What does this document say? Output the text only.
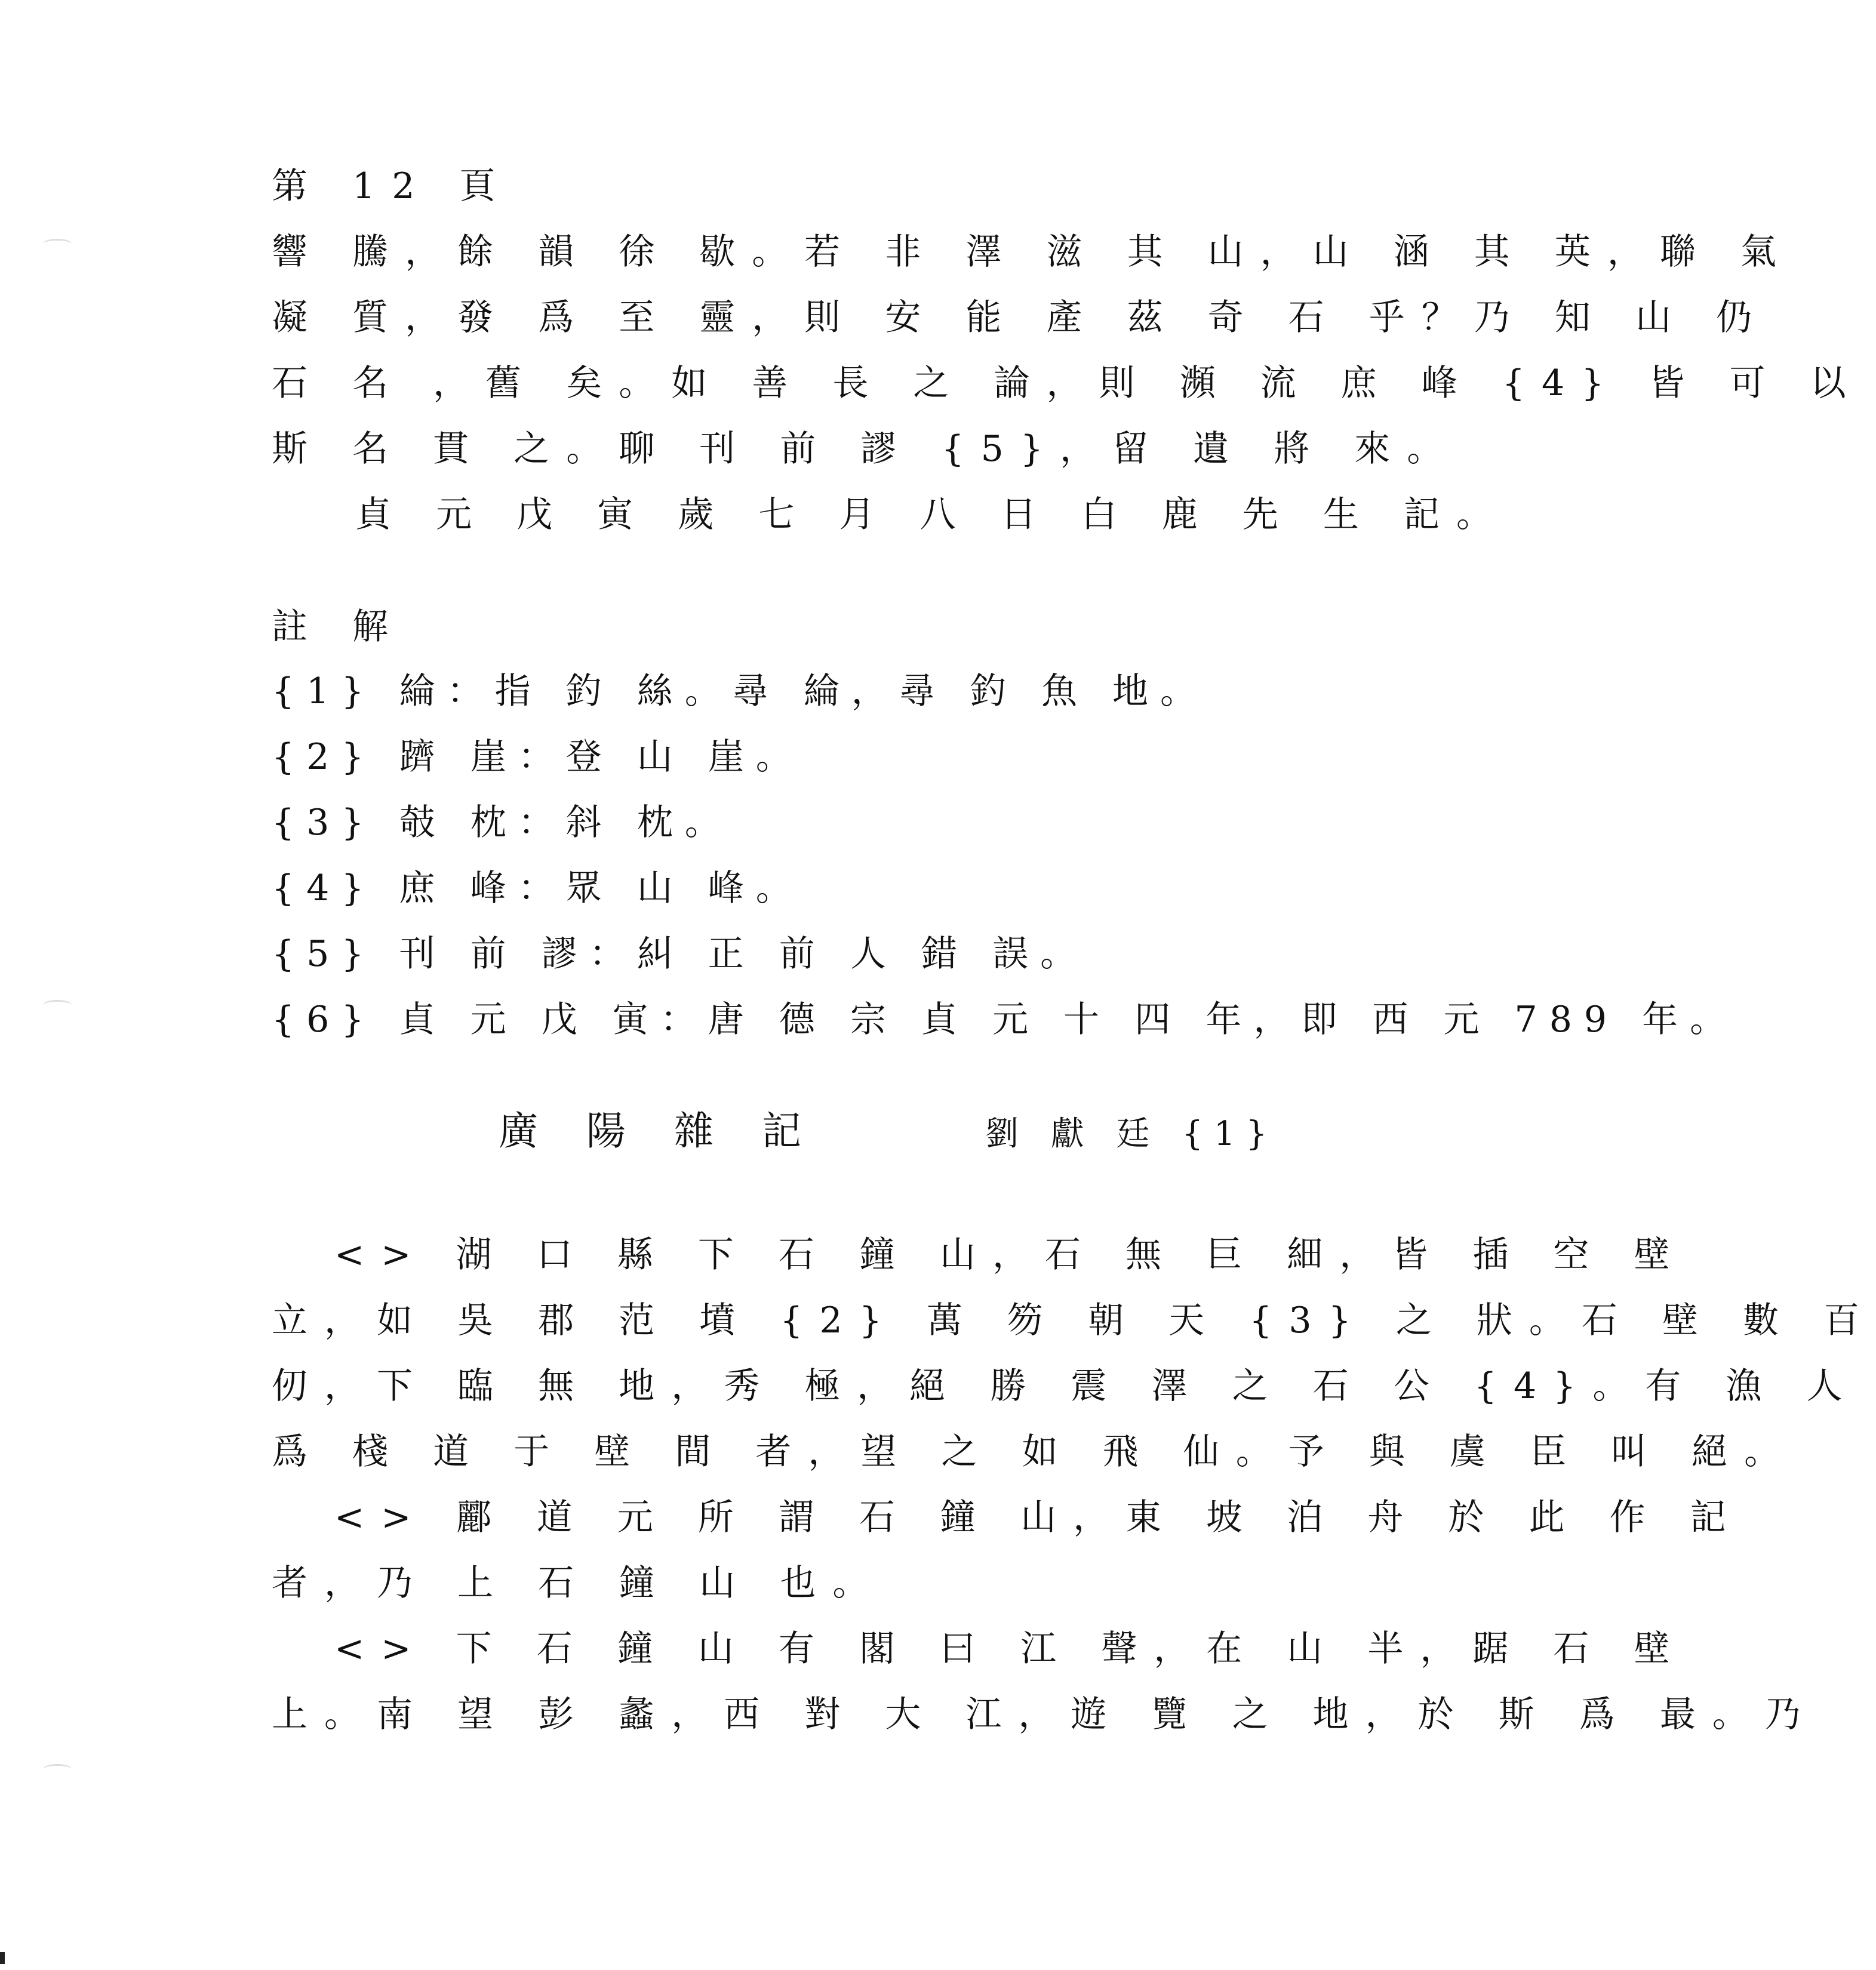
第 12 頁
響 騰，餘 韻 徐 歇。若 非 澤 滋 其 山，山 涵 其 英，聯 氣
凝 質，發 爲 至 靈，則 安 能 產 茲 奇 石 乎？乃 知 山 仍
石 名 ，舊 矣。如 善 長 之 論，則 瀕 流 庶 峰 {4} 皆 可 以
斯 名 貫 之。聊 刊 前 謬 {5}，留 遺 將 來。
貞 元 戊 寅 歲 七 月 八 日 白 鹿 先 生 記。
註 解
{1} 綸：指 釣 絲。尋 綸，尋 釣 魚 地。
{2} 躋 崖：登 山 崖。
{3} 攲 枕：斜 枕。
{4} 庶 峰：眾 山 峰。
{5} 刊 前 謬：糾 正 前 人 錯 誤。
{6} 貞 元 戊 寅：唐 德 宗 貞 元 十 四 年，即 西 元 789 年。
廣 陽 雜 記	劉 獻 廷 {1}
<> 湖 口 縣 下 石 鐘 山，石 無 巨 細，皆 插 空 壁
立，如 吳 郡 范 墳 {2} 萬 笏 朝 天 {3} 之 狀。石 壁 數 百
仞，下 臨 無 地，秀 極，絕 勝 震 澤 之 石 公 {4}。有 漁 人
爲 棧 道 于 壁 間 者，望 之 如 飛 仙。予 與 虞 臣 叫 絕。
<> 酈 道 元 所 謂 石 鐘 山，東 坡 泊 舟 於 此 作 記
者，乃 上 石 鐘 山 也。
<> 下 石 鐘 山 有 閣 曰 江 聲，在 山 半，踞 石 壁
上。南 望 彭 蠡，西 對 大 江，遊 覽 之 地，於 斯 爲 最。乃
